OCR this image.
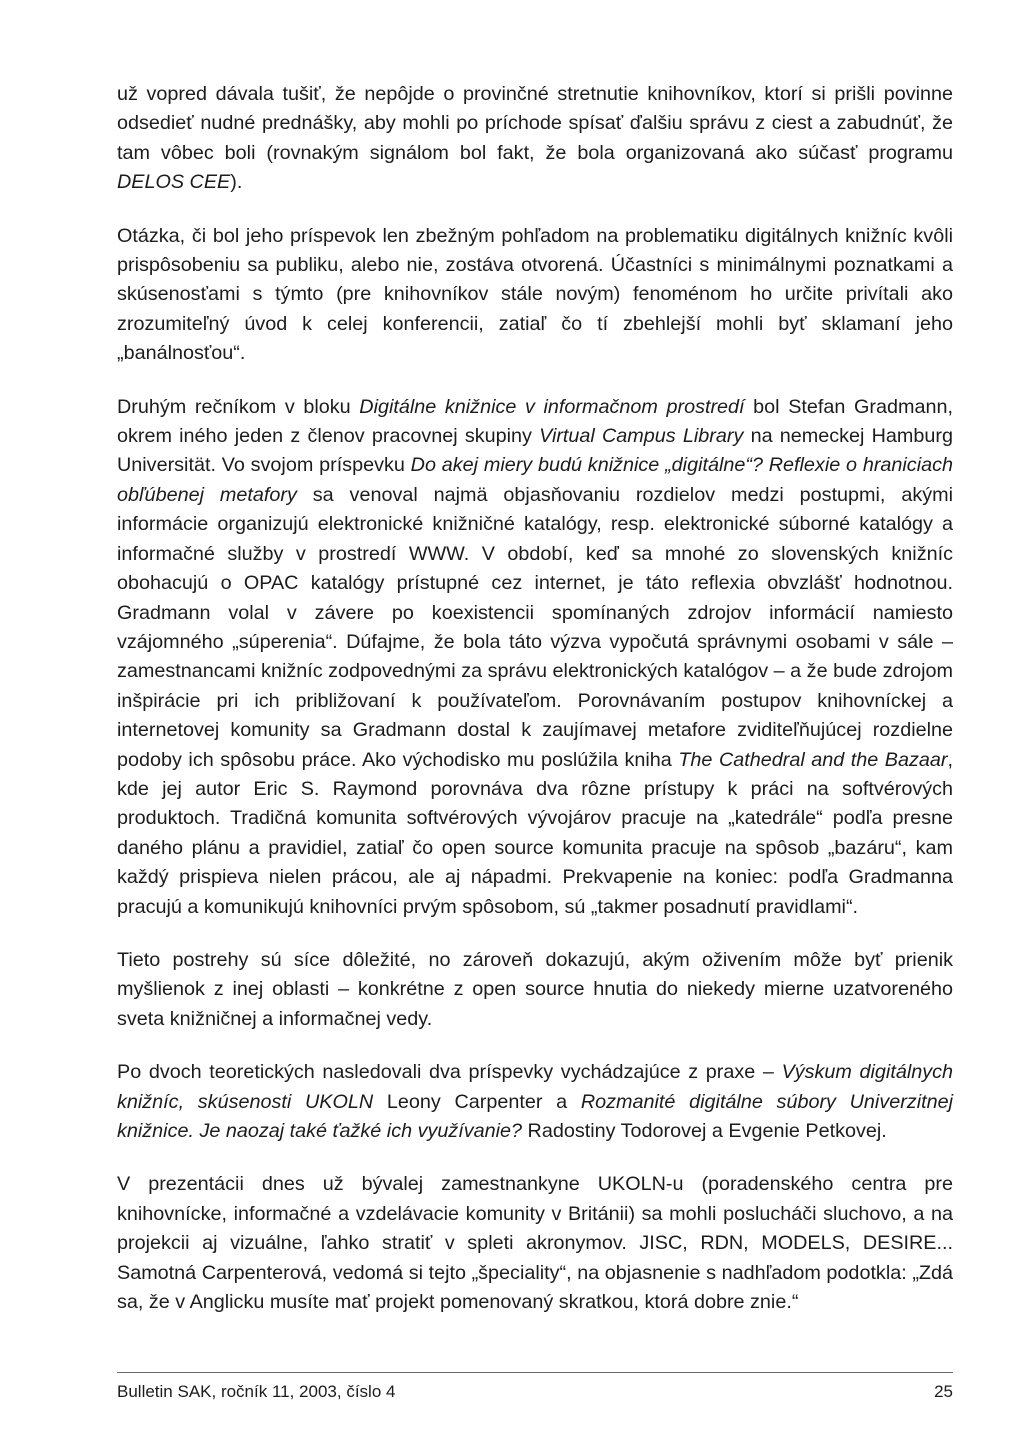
už vopred dávala tušiť, že nepôjde o provinčné stretnutie knihovníkov, ktorí si prišli povinne odsedieť nudné prednášky, aby mohli po príchode spísať ďalšiu správu z ciest a zabudnúť, že tam vôbec boli (rovnakým signálom bol fakt, že bola organizovaná ako súčasť programu DELOS CEE).

Otázka, či bol jeho príspevok len zbežným pohľadom na problematiku digitálnych knižníc kvôli prispôsobeniu sa publiku, alebo nie, zostáva otvorená. Účastníci s minimálnymi poznatkami a skúsenosťami s týmto (pre knihovníkov stále novým) fenoménom ho určite privítali ako zrozumiteľný úvod k celej konferencii, zatiaľ čo tí zbehlejší mohli byť sklamaní jeho „banálnosťou“.

Druhým rečníkom v bloku Digitálne knižnice v informačnom prostredí bol Stefan Gradmann, okrem iného jeden z členov pracovnej skupiny Virtual Campus Library na nemeckej Hamburg Universität. Vo svojom príspevku Do akej miery budú knižnice „digitálne“? Reflexie o hraniciach obľúbenej metafory sa venoval najmä objasňovaniu rozdielov medzi postupmi, akými informácie organizujú elektronické knižničné katalógy, resp. elektronické súborné katalógy a informačné služby v prostredí WWW. V období, keď sa mnohé zo slovenských knižníc obohacujú o OPAC katalógy prístupné cez internet, je táto reflexia obvzlášť hodnotnou. Gradmann volal v závere po koexistencii spomínaných zdrojov informácií namiesto vzájomného „súperenia“. Dúfajme, že bola táto výzva vypočutá správnymi osobami v sále – zamestnancami knižníc zodpovednými za správu elektronických katalógov – a že bude zdrojom inšpirácie pri ich približovaní k používateľom. Porovnávaním postupov knihovníckej a internetovej komunity sa Gradmann dostal k zaujímavej metafore zviditeľňujúcej rozdielne podoby ich spôsobu práce. Ako východisko mu poslúžila kniha The Cathedral and the Bazaar, kde jej autor Eric S. Raymond porovnáva dva rôzne prístupy k práci na softvérových produktoch. Tradičná komunita softvérových vývojárov pracuje na „katedrále“ podľa presne daného plánu a pravidiel, zatiaľ čo open source komunita pracuje na spôsob „bazáru“, kam každý prispieva nielen prácou, ale aj nápadmi. Prekvapenie na koniec: podľa Gradmanna pracujú a komunikujú knihovníci prvým spôsobom, sú „takmer posadnutí pravidlami“.

Tieto postrehy sú síce dôležité, no zároveň dokazujú, akým oživením môže byť prienik myšlienok z inej oblasti – konkrétne z open source hnutia do niekedy mierne uzatvoreného sveta knižničnej a informačnej vedy.

Po dvoch teoretických nasledovali dva príspevky vychádzajúce z praxe – Výskum digitálnych knižníc, skúsenosti UKOLN Leony Carpenter a Rozmanité digitálne súbory Univerzitnej knižnice. Je naozaj také ťažké ich využívanie? Radostiny Todorovej a Evgenie Petkovej.

V prezentácii dnes už bývalej zamestnankyne UKOLN-u (poradenského centra pre knihovnícke, informačné a vzdelávacie komunity v Británii) sa mohli poslucháči sluchovo, a na projekcii aj vizuálne, ľahko stratiť v spleti akronymov. JISC, RDN, MODELS, DESIRE... Samotná Carpenterová, vedomá si tejto „špeciality“, na objasnenie s nadhľadom podotkla: „Zdá sa, že v Anglicku musíte mať projekt pomenovaný skratkou, ktorá dobre znie.“

Bulletin SAK, ročník 11, 2003, číslo 4	25
